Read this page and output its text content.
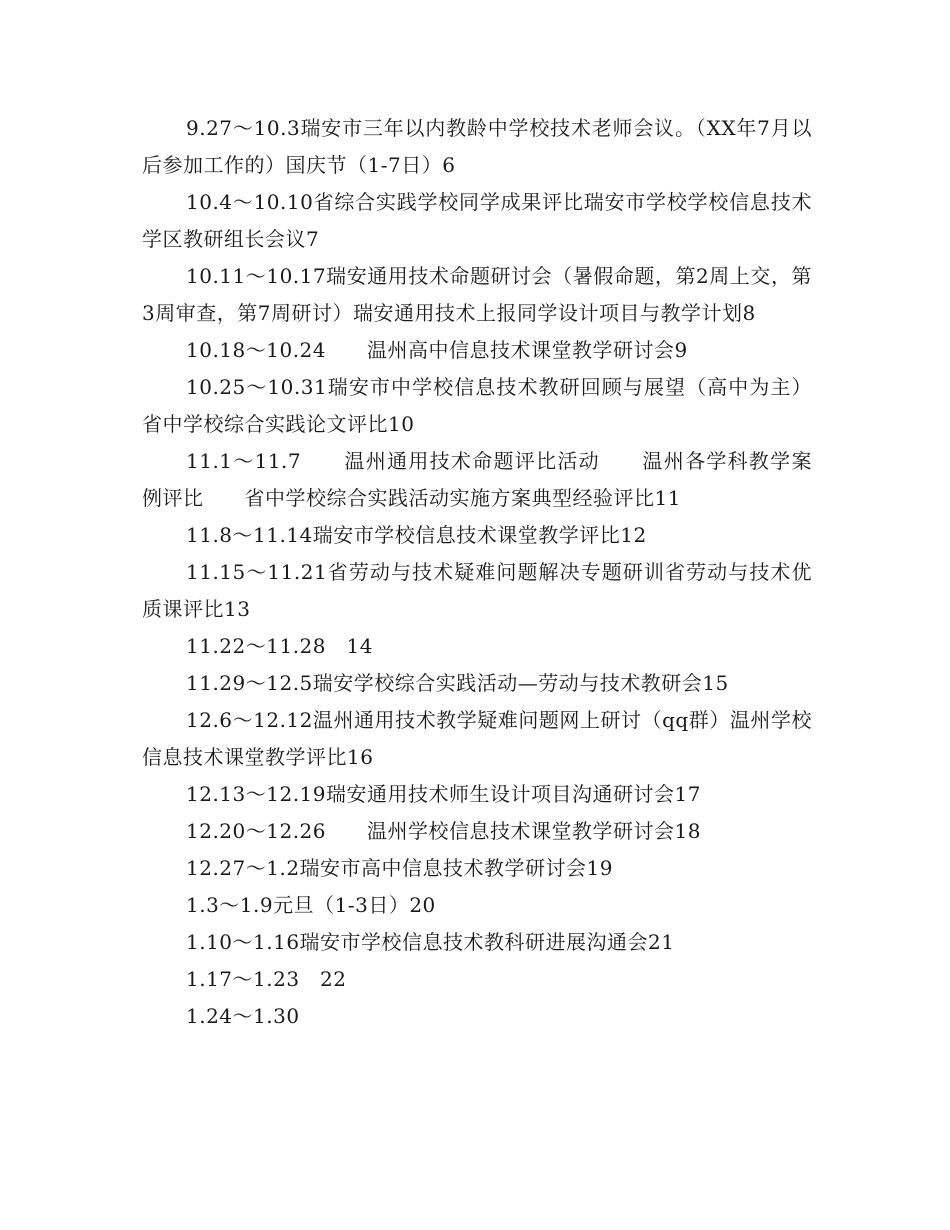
9.27～10.3瑞安市三年以内教龄中学校技术老师会议。（XX年7月以后参加工作的）国庆节（1-7日）6

10.4～10.10省综合实践学校同学成果评比瑞安市学校学校信息技术学区教研组长会议7

10.11～10.17瑞安通用技术命题研讨会（暑假命题，第2周上交，第3周审查，第7周研讨）瑞安通用技术上报同学设计项目与教学计划8

10.18～10.24　　温州高中信息技术课堂教学研讨会9

10.25～10.31瑞安市中学校信息技术教研回顾与展望（高中为主）省中学校综合实践论文评比10

11.1～11.7　　温州通用技术命题评比活动　　温州各学科教学案例评比　　省中学校综合实践活动实施方案典型经验评比11

11.8～11.14瑞安市学校信息技术课堂教学评比12

11.15～11.21省劳动与技术疑难问题解决专题研训省劳动与技术优质课评比13

11.22～11.28　14

11.29～12.5瑞安学校综合实践活动—劳动与技术教研会15

12.6～12.12温州通用技术教学疑难问题网上研讨（qq群）温州学校信息技术课堂教学评比16

12.13～12.19瑞安通用技术师生设计项目沟通研讨会17

12.20～12.26　　温州学校信息技术课堂教学研讨会18

12.27～1.2瑞安市高中信息技术教学研讨会19

1.3～1.9元旦（1-3日）20

1.10～1.16瑞安市学校信息技术教科研进展沟通会21

1.17～1.23　22

1.24～1.30
